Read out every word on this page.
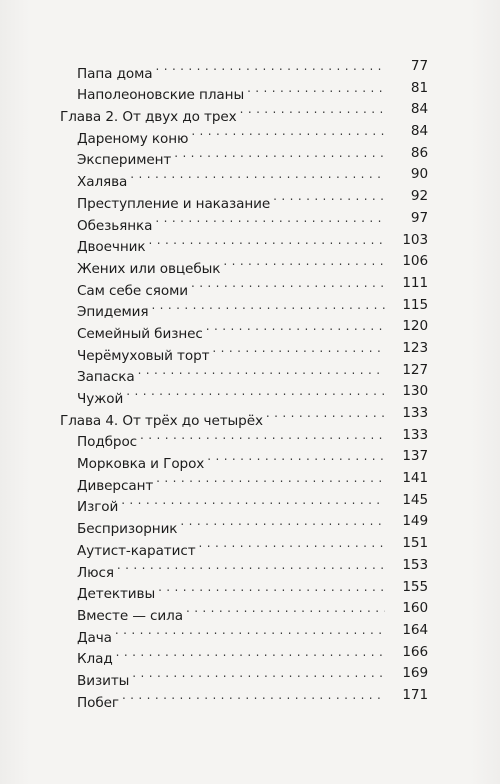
Папа дома . . .	77
Наполеоновские планы . . .	81
Глава 2. От двух до трех . . .	84
Дареному коню . . .	84
Эксперимент . . .	86
Халява . . .	90
Преступление и наказание . . .	92
Обезьянка . . .	97
Двоечник . . .	103
Жених или овцебык . . .	106
Сам себе сяоми . . .	111
Эпидемия . . .	115
Семейный бизнес . . .	120
Черёмуховый торт . . .	123
Запаска . . .	127
Чужой . . .	130
Глава 4. От трёх до четырёх . . .	133
Подброс . . .	133
Морковка и Горох . . .	137
Диверсант . . .	141
Изгой . . .	145
Беспризорник . . .	149
Аутист-каратист . . .	151
Люся . . .	153
Детективы . . .	155
Вместе — сила . . .	160
Дача . . .	164
Клад . . .	166
Визиты . . .	169
Побег . . .	171
